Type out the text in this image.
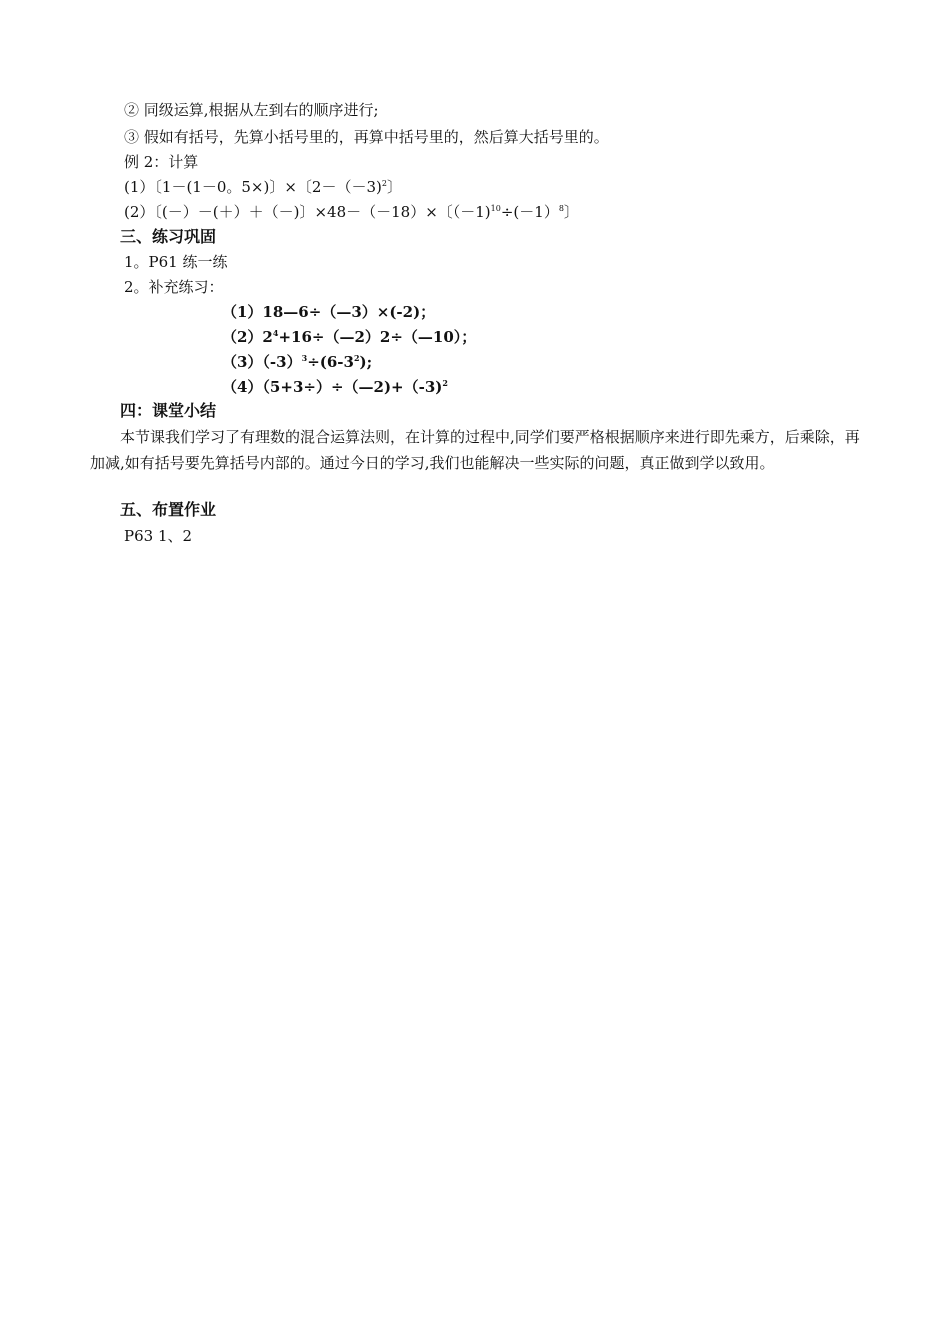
② 同级运算,根据从左到右的顺序进行;
③ 假如有括号，先算小括号里的，再算中括号里的，然后算大括号里的。
例 2：计算
(1）〔1－(1－0。5×)〕×〔2－（－3)$^2$〕
(2）〔(－）－(＋）＋（－)〕×48－（－18）×〔$(-1)^{10}\div(-1)^8$〕
三、练习巩固
1。P61 练一练
2。补充练习：
（1）18—6÷（—3）×(-2)；
$(2)2^4+16\div(—2)2\div(—10)$；
$(3)(-3)^3\div(6-3^2)$;
（4）（5+3÷）÷（—2)+（-3)$^2$
四：课堂小结
本节课我们学习了有理数的混合运算法则，在计算的过程中,同学们要严格根据顺序来进行即先乘方，后乘除，再加减,如有括号要先算括号内部的。通过今日的学习,我们也能解决一些实际的问题，真正做到学以致用。
五、布置作业
P63 1、2
